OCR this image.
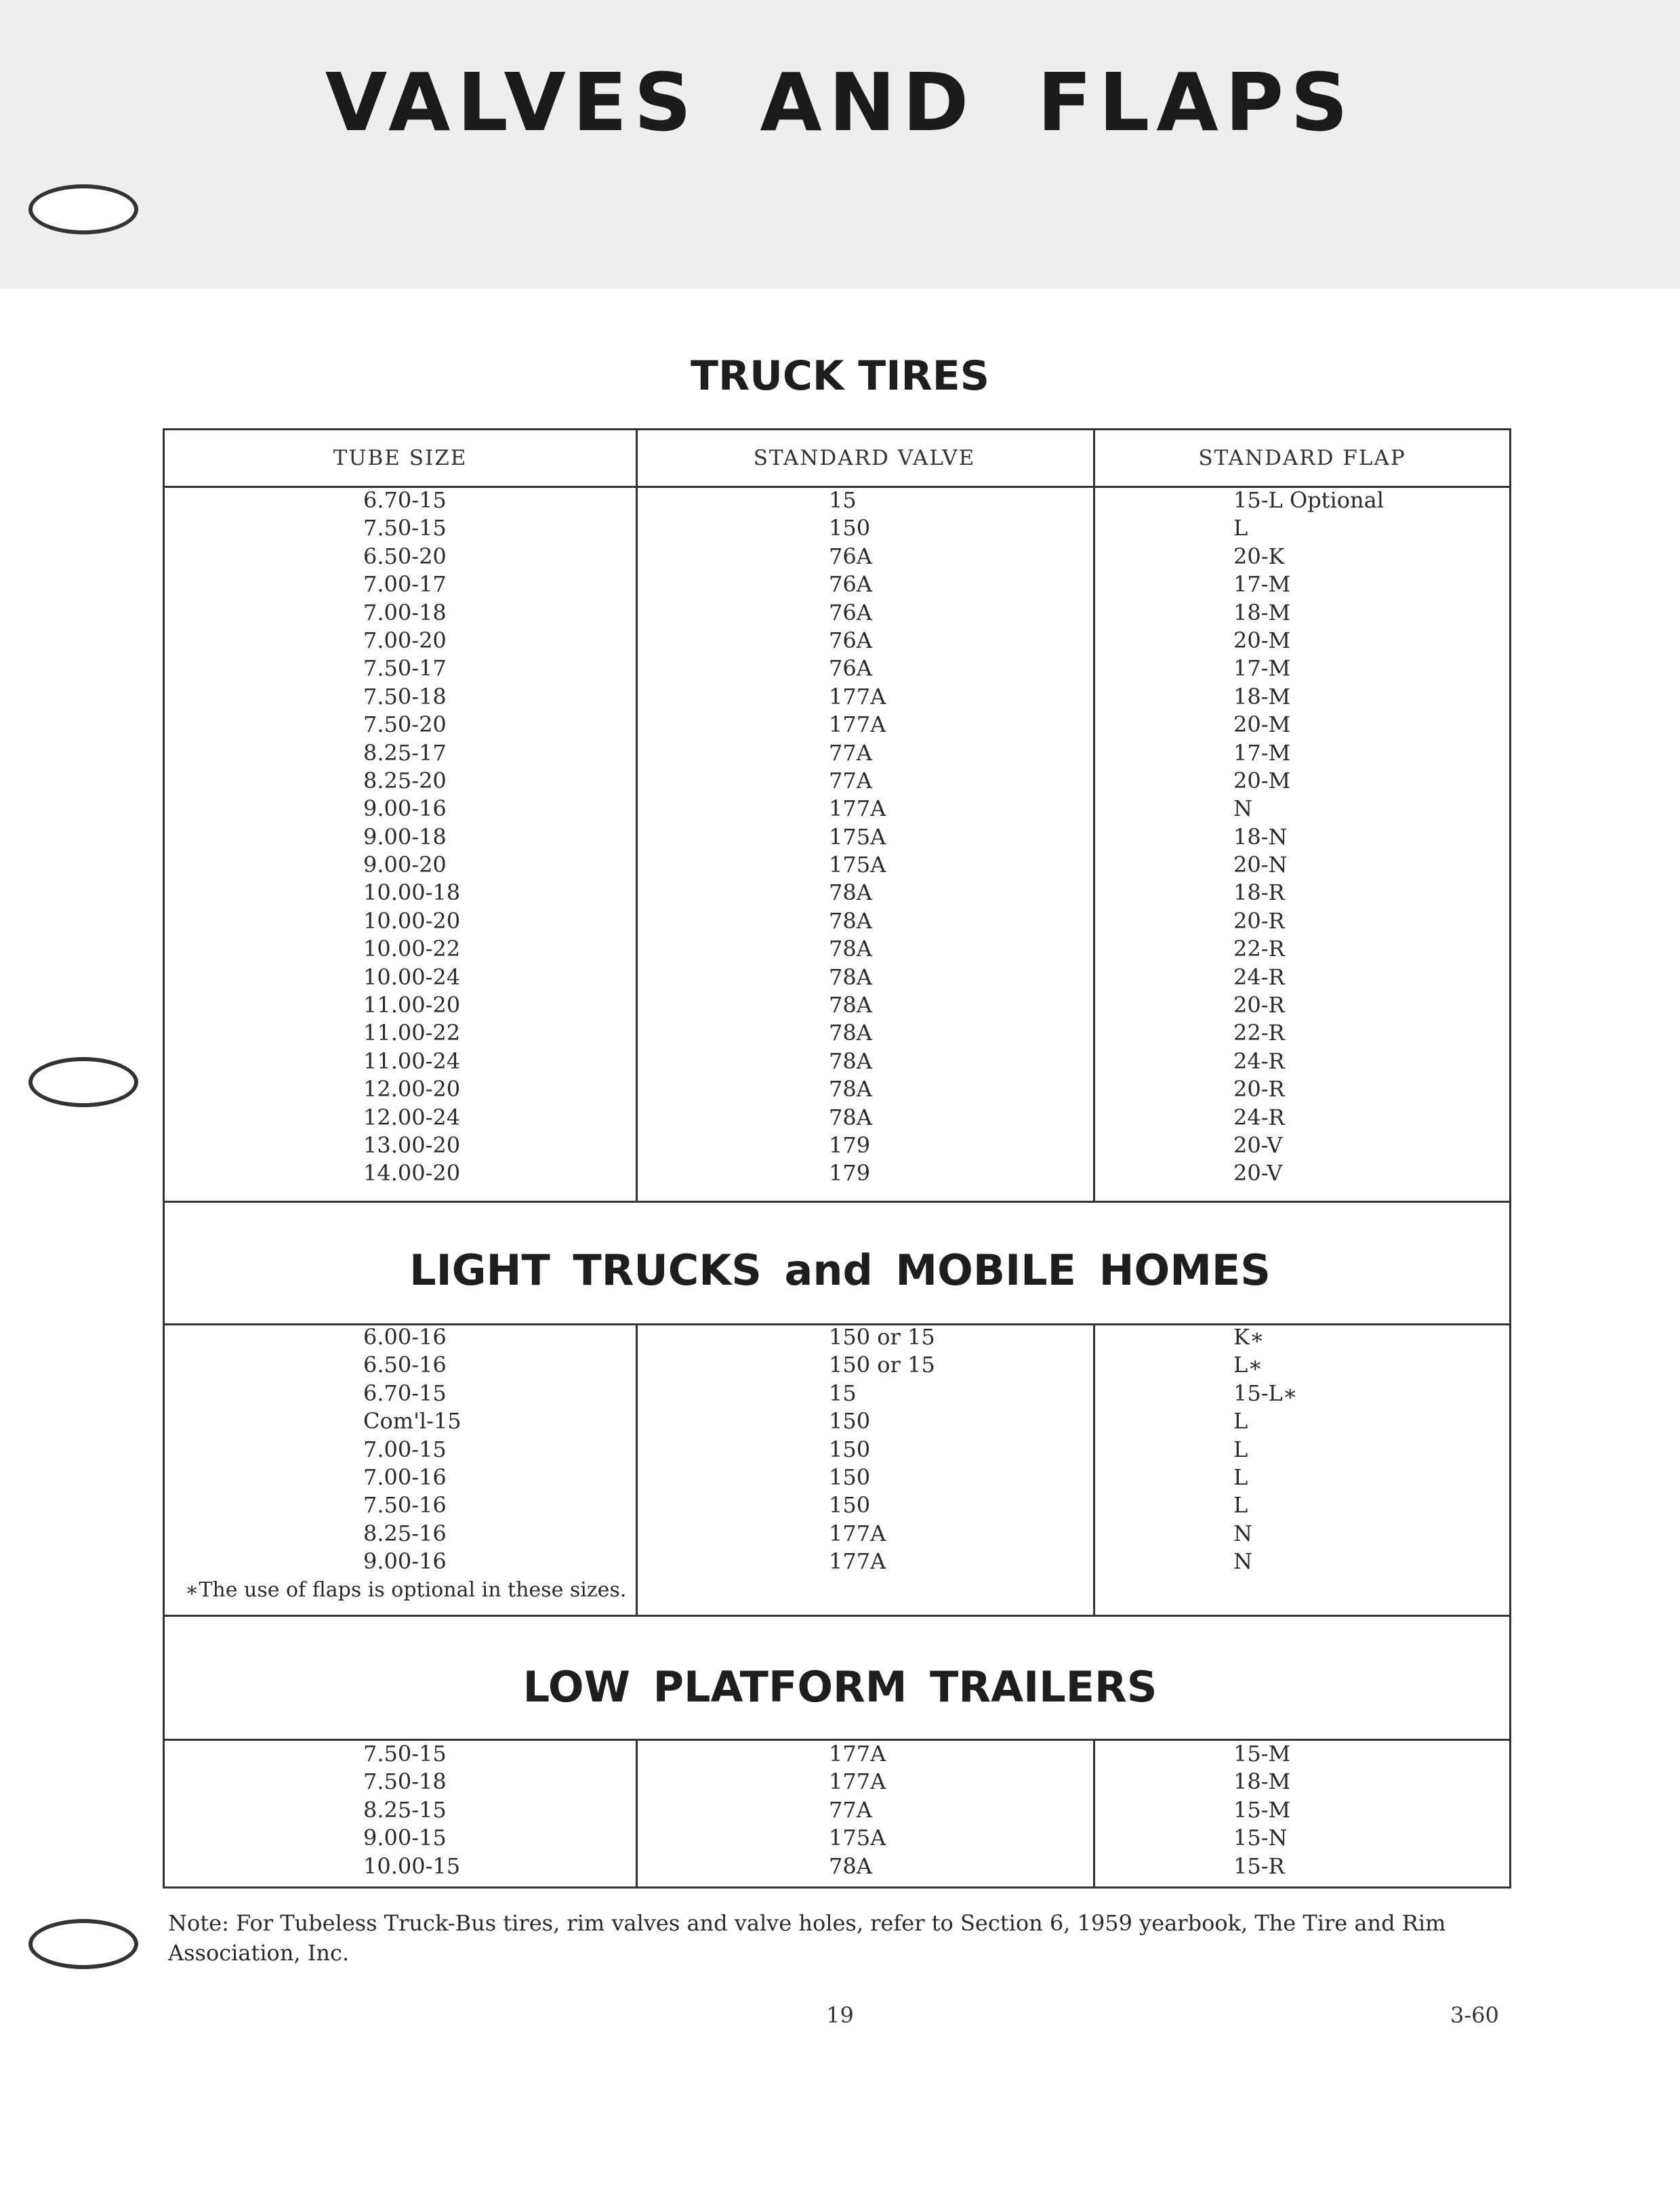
VALVES AND FLAPS
TRUCK TIRES
TUBE SIZE	STANDARD VALVE	STANDARD FLAP
6.70-15	15	15-L Optional
7.50-15	150	L
6.50-20	76A	20-K
7.00-17	76A	17-M
7.00-18	76A	18-M
7.00-20	76A	20-M
7.50-17	76A	17-M
7.50-18	177A	18-M
7.50-20	177A	20-M
8.25-17	77A	17-M
8.25-20	77A	20-M
9.00-16	177A	N
9.00-18	175A	18-N
9.00-20	175A	20-N
10.00-18	78A	18-R
10.00-20	78A	20-R
10.00-22	78A	22-R
10.00-24	78A	24-R
11.00-20	78A	20-R
11.00-22	78A	22-R
11.00-24	78A	24-R
12.00-20	78A	20-R
12.00-24	78A	24-R
13.00-20	179	20-V
14.00-20	179	20-V
6.00-16	150 or 15	K∗
6.50-16	150 or 15	L∗
6.70-15	15	15-L∗
Com'l-15	150	L
7.00-15	150	L
7.00-16	150	L
7.50-16	150	L
8.25-16	177A	N
9.00-16	177A	N
∗The use of flaps is optional in these sizes.
7.50-15	177A	15-M
7.50-18	177A	18-M
8.25-15	77A	15-M
9.00-15	175A	15-N
10.00-15	78A	15-R
LIGHT TRUCKS and MOBILE HOMES
LOW PLATFORM TRAILERS

Note: For Tubeless Truck-Bus tires, rim valves and valve holes, refer to Section 6, 1959 yearbook, The Tire and Rim Association, Inc.

19	3-60
